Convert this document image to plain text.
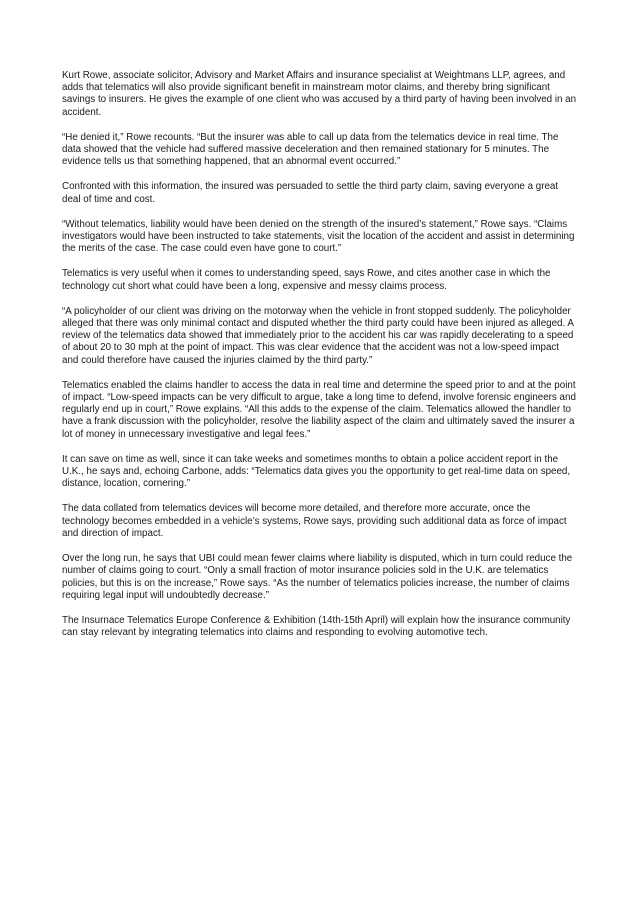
Kurt Rowe, associate solicitor, Advisory and Market Affairs and insurance specialist at Weightmans LLP, agrees, and adds that telematics will also provide significant benefit in mainstream motor claims, and thereby bring significant savings to insurers. He gives the example of one client who was accused by a third party of having been involved in an accident.

“He denied it,” Rowe recounts. “But the insurer was able to call up data from the telematics device in real time. The data showed that the vehicle had suffered massive deceleration and then remained stationary for 5 minutes. The evidence tells us that something happened, that an abnormal event occurred.”

Confronted with this information, the insured was persuaded to settle the third party claim, saving everyone a great deal of time and cost.

“Without telematics, liability would have been denied on the strength of the insured’s statement,” Rowe says. “Claims investigators would have been instructed to take statements, visit the location of the accident and assist in determining the merits of the case. The case could even have gone to court.”

Telematics is very useful when it comes to understanding speed, says Rowe, and cites another case in which the technology cut short what could have been a long, expensive and messy claims process.

“A policyholder of our client was driving on the motorway when the vehicle in front stopped suddenly. The policyholder alleged that there was only minimal contact and disputed whether the third party could have been injured as alleged. A review of the telematics data showed that immediately prior to the accident his car was rapidly decelerating to a speed of about 20 to 30 mph at the point of impact. This was clear evidence that the accident was not a low-speed impact and could therefore have caused the injuries claimed by the third party.”

Telematics enabled the claims handler to access the data in real time and determine the speed prior to and at the point of impact. “Low-speed impacts can be very difficult to argue, take a long time to defend, involve forensic engineers and regularly end up in court,” Rowe explains. “All this adds to the expense of the claim. Telematics allowed the handler to have a frank discussion with the policyholder, resolve the liability aspect of the claim and ultimately saved the insurer a lot of money in unnecessary investigative and legal fees.”

It can save on time as well, since it can take weeks and sometimes months to obtain a police accident report in the U.K., he says and, echoing Carbone, adds: “Telematics data gives you the opportunity to get real-time data on speed, distance, location, cornering.”

The data collated from telematics devices will become more detailed, and therefore more accurate, once the technology becomes embedded in a vehicle’s systems, Rowe says, providing such additional data as force of impact and direction of impact.

Over the long run, he says that UBI could mean fewer claims where liability is disputed, which in turn could reduce the number of claims going to court. “Only a small fraction of motor insurance policies sold in the U.K. are telematics policies, but this is on the increase,” Rowe says. “As the number of telematics policies increase, the number of claims requiring legal input will undoubtedly decrease.”

The Insurnace Telematics Europe Conference & Exhibition (14th-15th April) will explain how the insurance community can stay relevant by integrating telematics into claims and responding to evolving automotive tech.
